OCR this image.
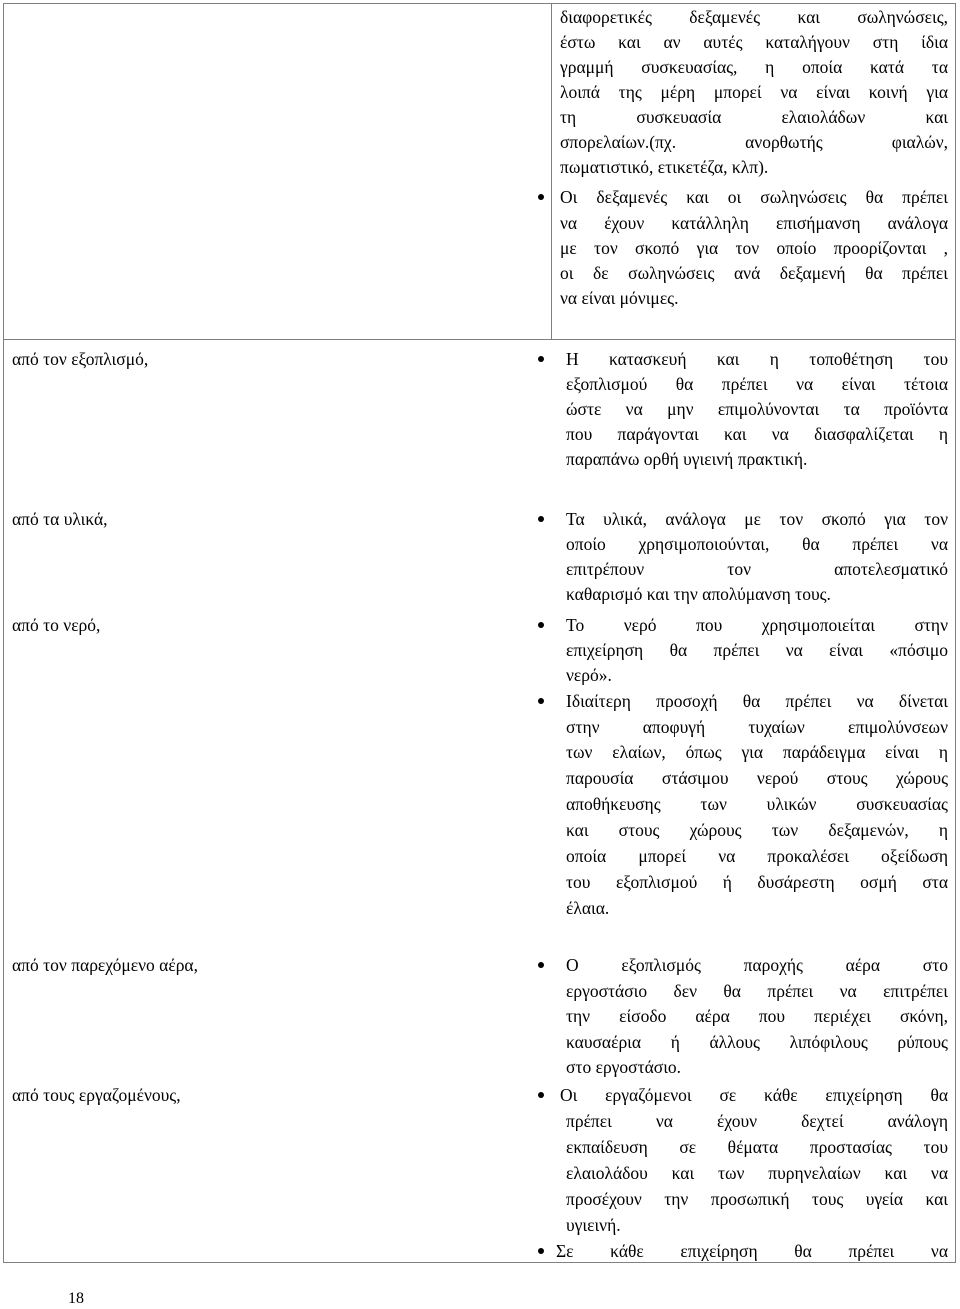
διαφορετικές δεξαμενές και σωληνώσεις,
έστω και αν αυτές καταλήγουν στη ίδια
γραμμή συσκευασίας, η οποία κατά τα
λοιπά της μέρη μπορεί να είναι κοινή για
τη συσκευασία ελαιολάδων και
σπορελαίων.(πχ. ανορθωτής φιαλών,
πωματιστικό, ετικετέζα, κλπ).
Οι δεξαμενές και οι σωληνώσεις θα πρέπει
να έχουν κατάλληλη επισήμανση ανάλογα
με τον σκοπό για τον οποίο προορίζονται ,
οι δε σωληνώσεις ανά δεξαμενή θα πρέπει
να είναι μόνιμες.
από τον εξοπλισμό,	Η κατασκευή και η τοποθέτηση του
εξοπλισμού θα πρέπει να είναι τέτοια
ώστε να μην επιμολύνονται τα προϊόντα
που παράγονται και να διασφαλίζεται η
παραπάνω ορθή υγιεινή πρακτική.
από τα υλικά,	Τα υλικά, ανάλογα με τον σκοπό για τον
οποίο χρησιμοποιούνται, θα πρέπει να
επιτρέπουν τον αποτελεσματικό
καθαρισμό και την απολύμανση τους.
από το νερό,	Το νερό που χρησιμοποιείται στην
επιχείρηση θα πρέπει να είναι «πόσιμο
νερό».
Ιδιαίτερη προσοχή θα πρέπει να δίνεται
στην αποφυγή τυχαίων επιμολύνσεων
των ελαίων, όπως για παράδειγμα είναι η
παρουσία στάσιμου νερού στους χώρους
αποθήκευσης των υλικών συσκευασίας
και στους χώρους των δεξαμενών, η
οποία μπορεί να προκαλέσει οξείδωση
του εξοπλισμού ή δυσάρεστη οσμή στα
έλαια.
από τον παρεχόμενο αέρα,	Ο εξοπλισμός παροχής αέρα στο
εργοστάσιο δεν θα πρέπει να επιτρέπει
την είσοδο αέρα που περιέχει σκόνη,
καυσαέρια ή άλλους λιπόφιλους ρύπους
στο εργοστάσιο.
από τους εργαζομένους,	Οι εργαζόμενοι σε κάθε επιχείρηση θα
πρέπει να έχουν δεχτεί ανάλογη
εκπαίδευση σε θέματα προστασίας του
ελαιολάδου και των πυρηνελαίων και να
προσέχουν την προσωπική τους υγεία και
υγιεινή.
Σε κάθε επιχείρηση θα πρέπει να
18
